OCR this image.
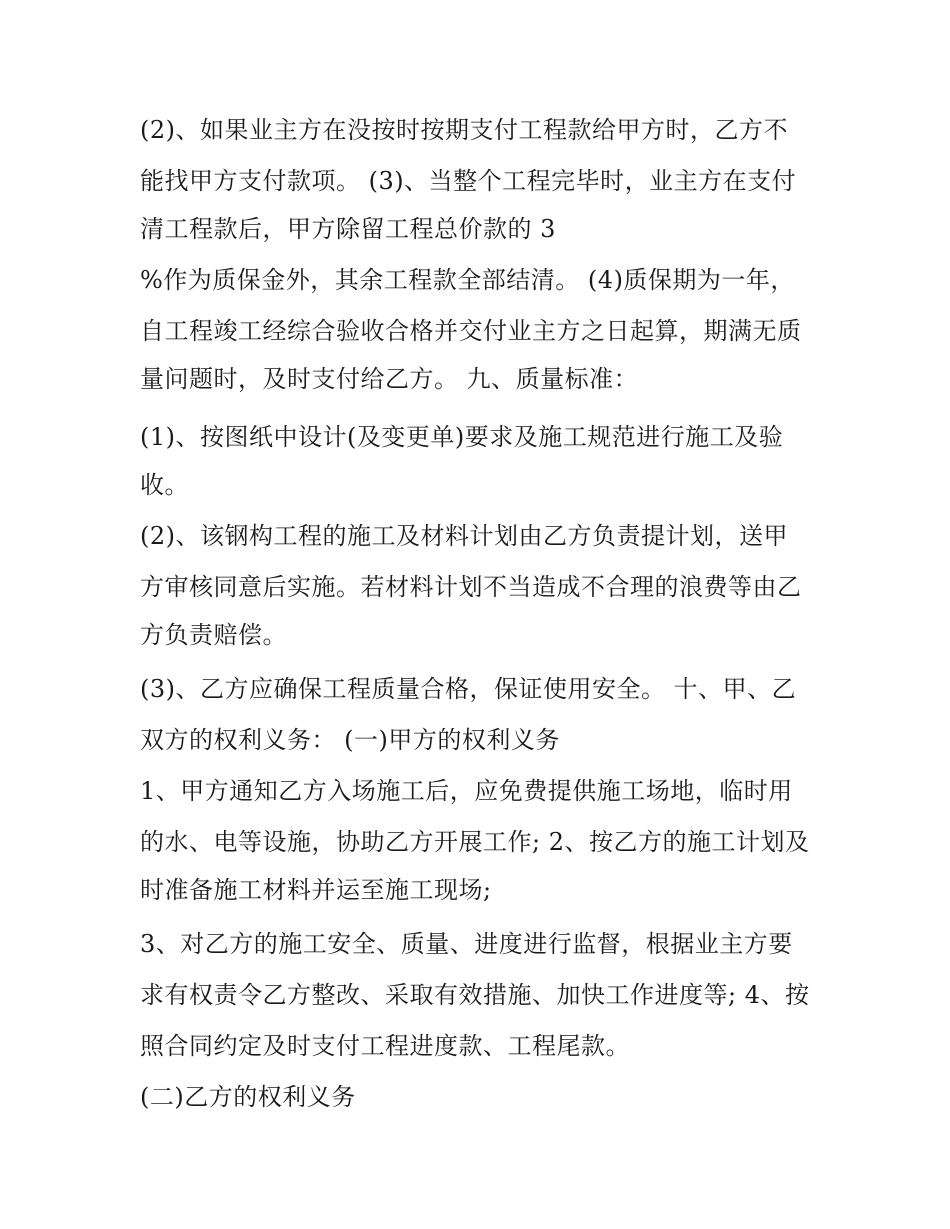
(2)、如果业主方在没按时按期支付工程款给甲方时，乙方不
能找甲方支付款项。 (3)、当整个工程完毕时，业主方在支付
清工程款后，甲方除留工程总价款的 3
%作为质保金外，其余工程款全部结清。 (4)质保期为一年，
自工程竣工经综合验收合格并交付业主方之日起算，期满无质
量问题时，及时支付给乙方。 九、质量标准：
(1)、按图纸中设计(及变更单)要求及施工规范进行施工及验
收。
(2)、该钢构工程的施工及材料计划由乙方负责提计划，送甲
方审核同意后实施。若材料计划不当造成不合理的浪费等由乙
方负责赔偿。
(3)、乙方应确保工程质量合格，保证使用安全。 十、甲、乙
双方的权利义务： (一)甲方的权利义务
1、甲方通知乙方入场施工后，应免费提供施工场地，临时用
的水、电等设施，协助乙方开展工作; 2、按乙方的施工计划及
时准备施工材料并运至施工现场;
3、对乙方的施工安全、质量、进度进行监督，根据业主方要
求有权责令乙方整改、采取有效措施、加快工作进度等; 4、按
照合同约定及时支付工程进度款、工程尾款。
(二)乙方的权利义务
